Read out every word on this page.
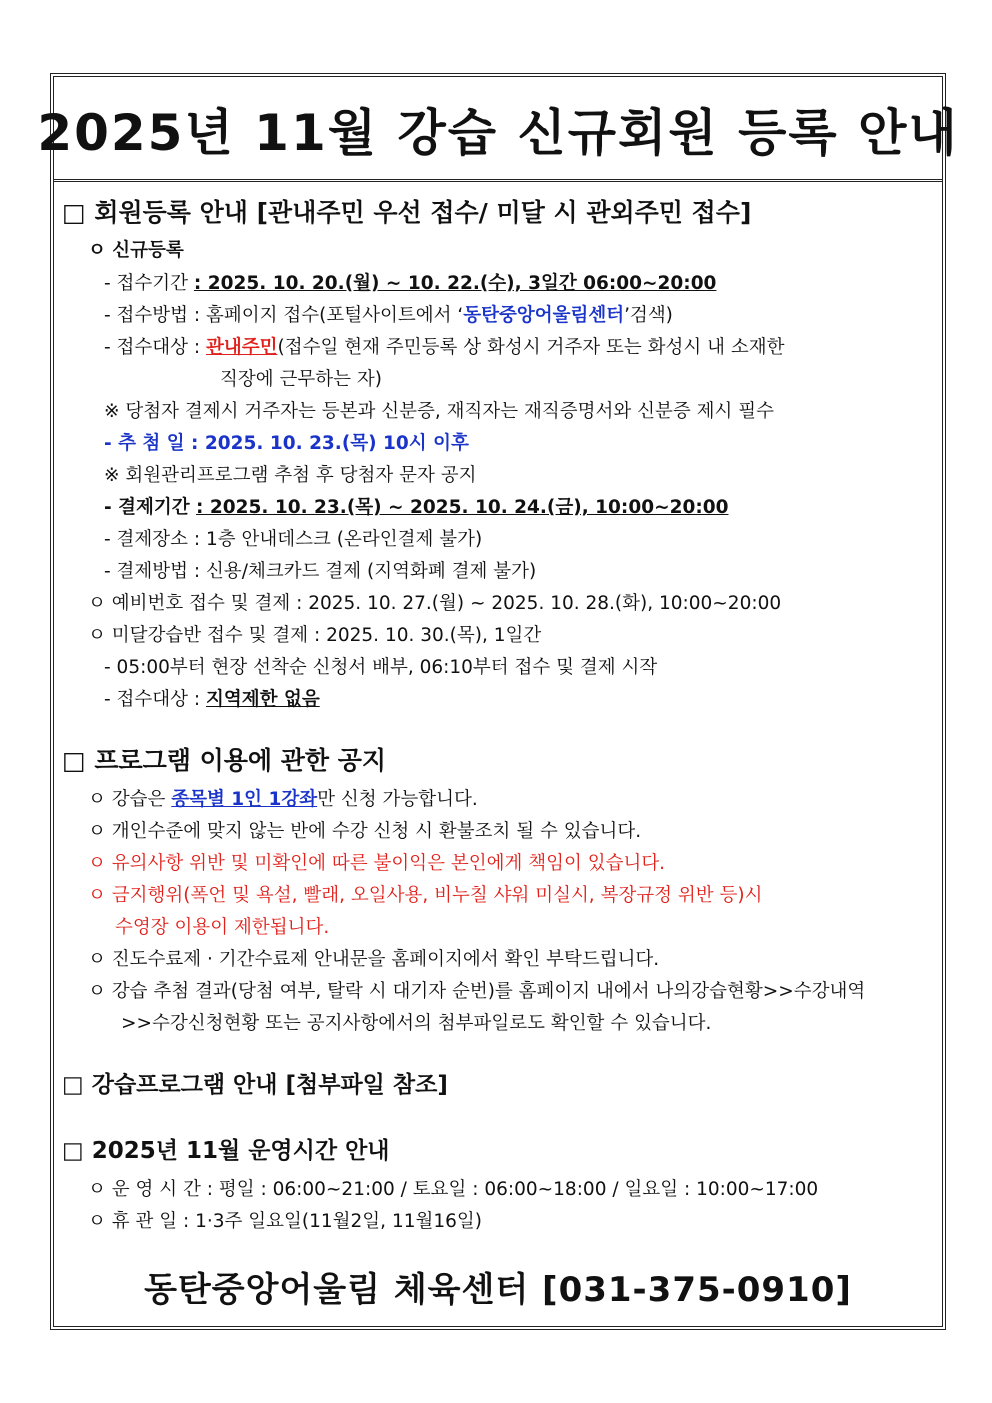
2025년 11월 강습 신규회원 등록 안내
□ 회원등록 안내 [관내주민 우선 접수/ 미달 시 관외주민 접수]
ㅇ 신규등록
- 접수기간 : 2025. 10. 20.(월) ~ 10. 22.(수), 3일간 06:00~20:00
- 접수방법 : 홈페이지 접수(포털사이트에서 ‘동탄중앙어울림센터’검색)
- 접수대상 : 관내주민(접수일 현재 주민등록 상 화성시 거주자 또는 화성시 내 소재한
직장에 근무하는 자)
※ 당첨자 결제시 거주자는 등본과 신분증, 재직자는 재직증명서와 신분증 제시 필수
- 추 첨 일 : 2025. 10. 23.(목) 10시 이후
※ 회원관리프로그램 추첨 후 당첨자 문자 공지
- 결제기간 : 2025. 10. 23.(목) ~ 2025. 10. 24.(금), 10:00~20:00
- 결제장소 : 1층 안내데스크 (온라인결제 불가)
- 결제방법 : 신용/체크카드 결제 (지역화폐 결제 불가)
ㅇ 예비번호 접수 및 결제 : 2025. 10. 27.(월) ~ 2025. 10. 28.(화), 10:00~20:00
ㅇ 미달강습반 접수 및 결제 : 2025. 10. 30.(목), 1일간
- 05:00부터 현장 선착순 신청서 배부, 06:10부터 접수 및 결제 시작
- 접수대상 : 지역제한 없음
□ 프로그램 이용에 관한 공지
ㅇ 강습은 종목별 1인 1강좌만 신청 가능합니다.
ㅇ 개인수준에 맞지 않는 반에 수강 신청 시 환불조치 될 수 있습니다.
ㅇ 유의사항 위반 및 미확인에 따른 불이익은 본인에게 책임이 있습니다.
ㅇ 금지행위(폭언 및 욕설, 빨래, 오일사용, 비누칠 샤워 미실시, 복장규정 위반 등)시
수영장 이용이 제한됩니다.
ㅇ 진도수료제 · 기간수료제 안내문을 홈페이지에서 확인 부탁드립니다.
ㅇ 강습 추첨 결과(당첨 여부, 탈락 시 대기자 순번)를 홈페이지 내에서 나의강습현황>>수강내역
>>수강신청현황 또는 공지사항에서의 첨부파일로도 확인할 수 있습니다.
□ 강습프로그램 안내 [첨부파일 참조]
□ 2025년 11월 운영시간 안내
ㅇ 운 영 시 간 : 평일 : 06:00~21:00 / 토요일 : 06:00~18:00 / 일요일 : 10:00~17:00
ㅇ 휴 관 일 : 1·3주 일요일(11월2일, 11월16일)
동탄중앙어울림 체육센터 [031-375-0910]
